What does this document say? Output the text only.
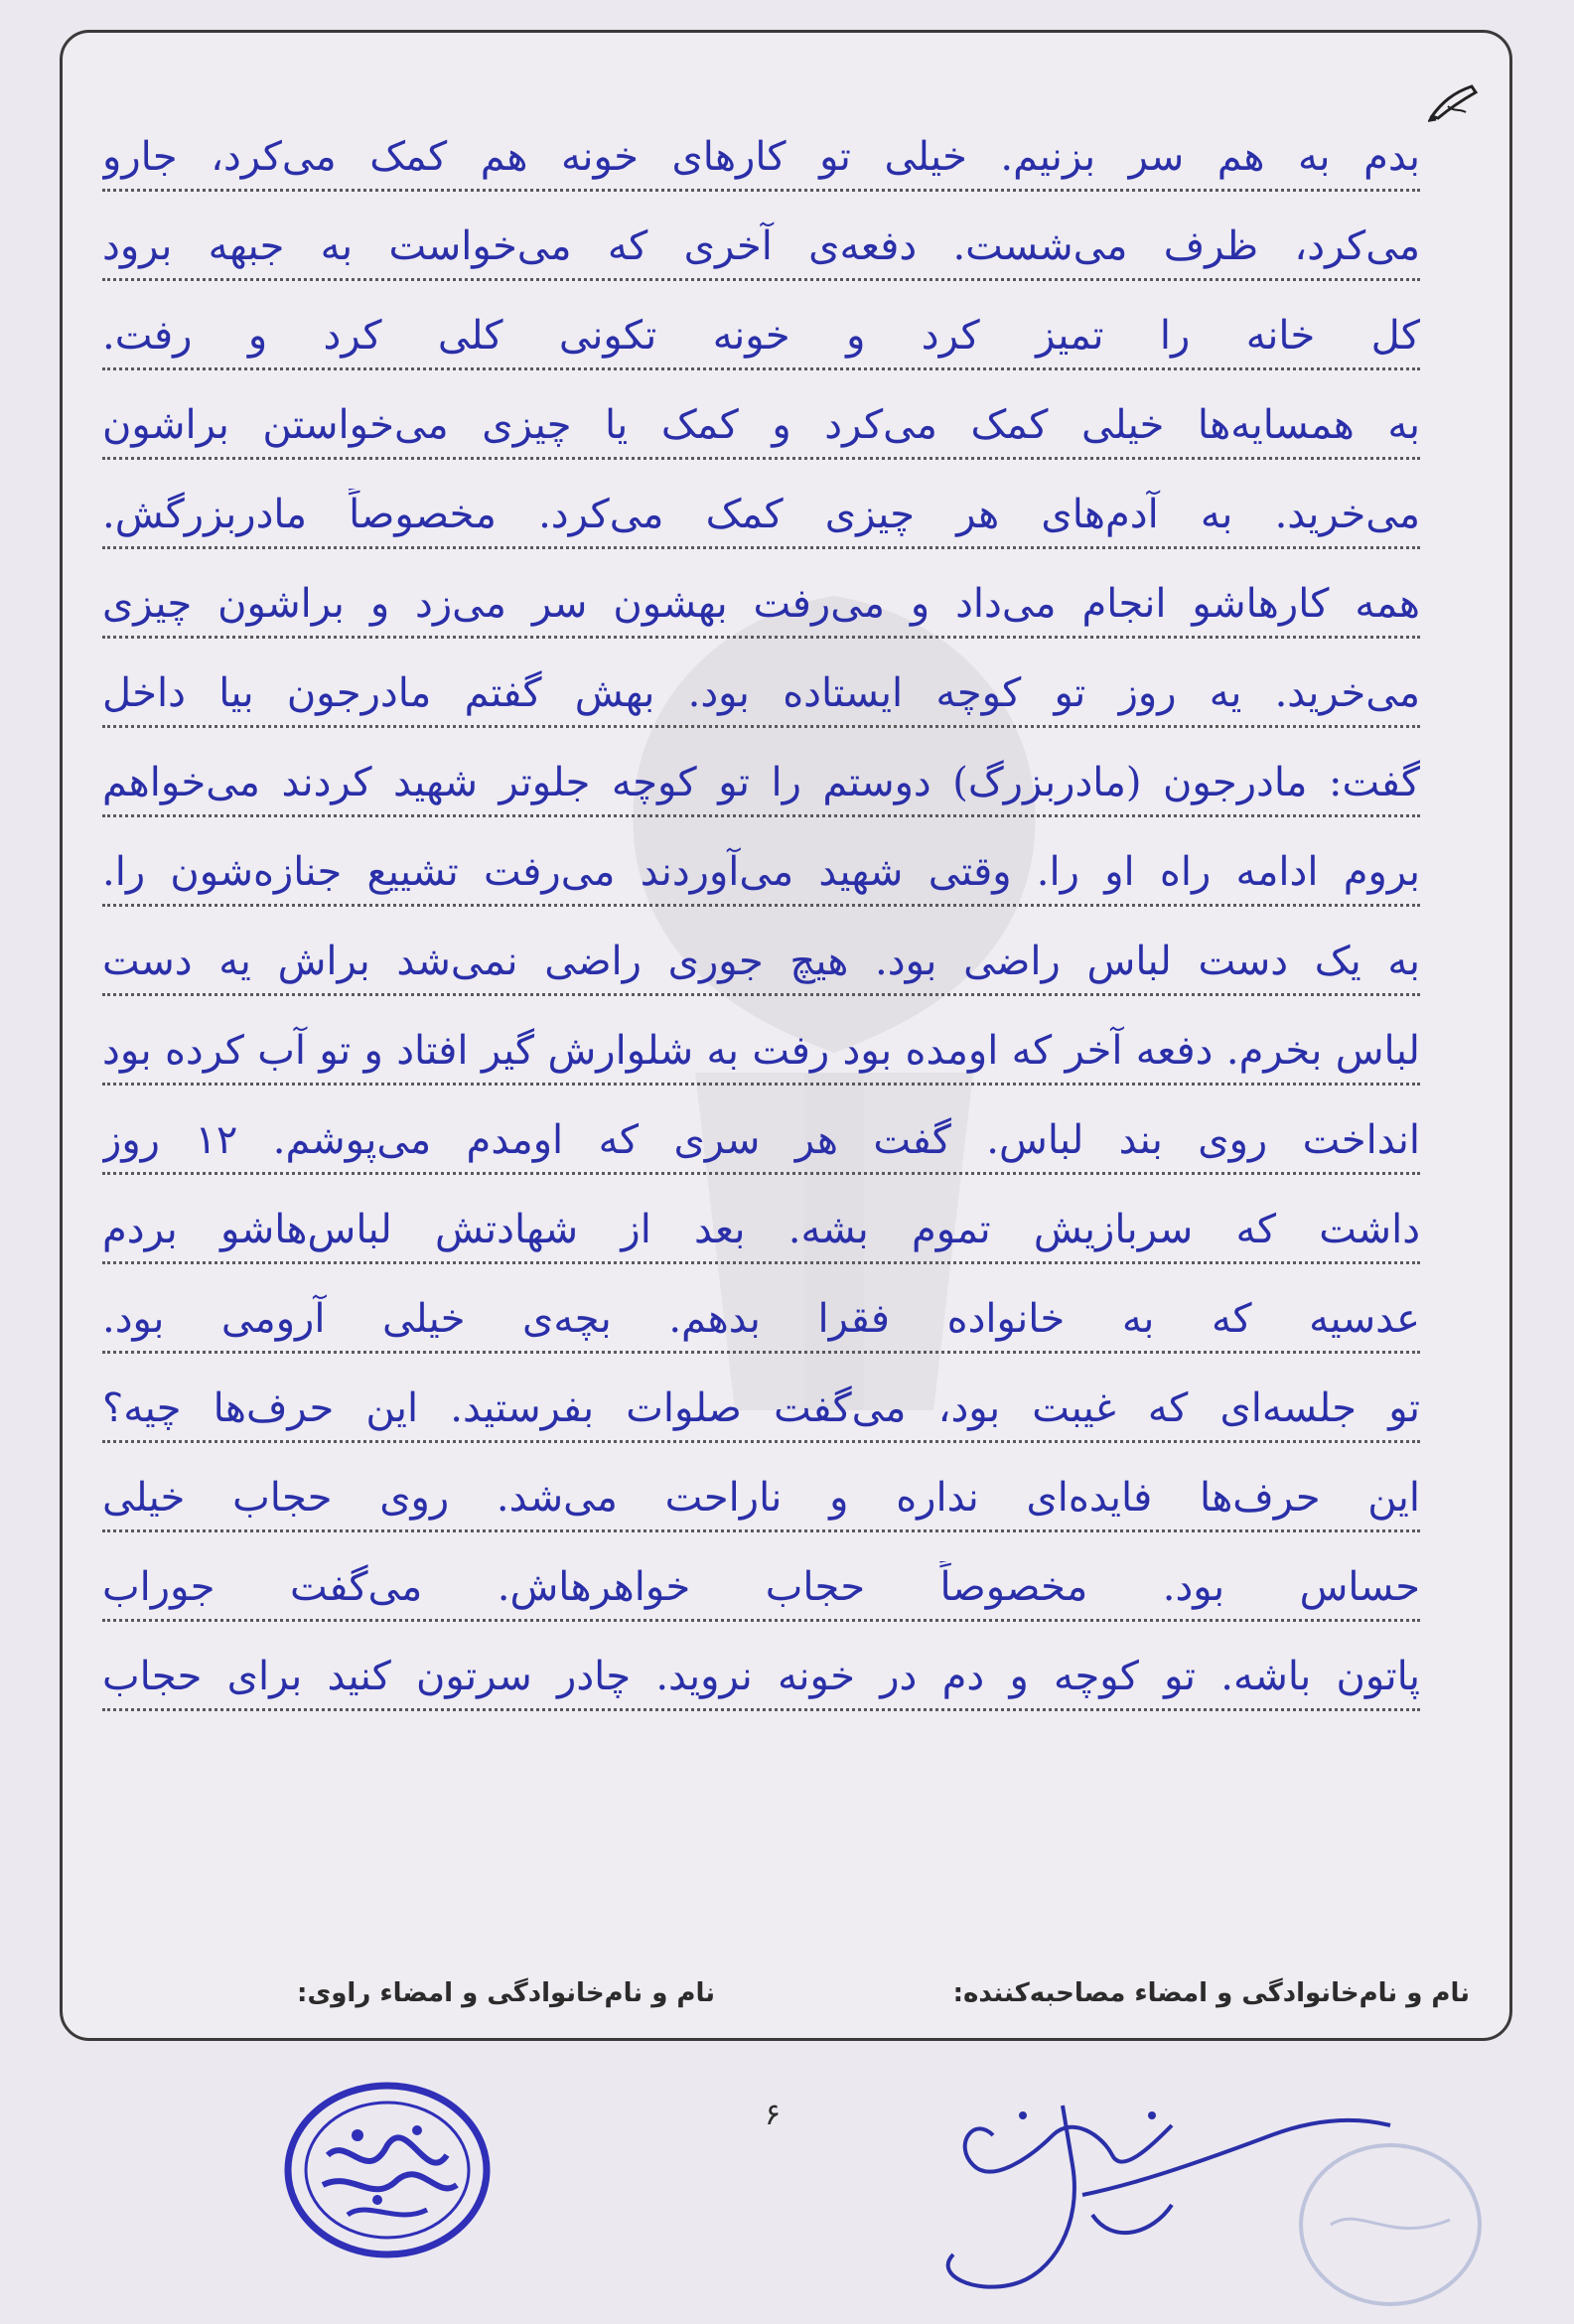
بدم به هم سر بزنیم. خیلی تو کارهای خونه هم کمک می‌کرد، جارو
می‌کرد، ظرف می‌شست. دفعه‌ی آخری که می‌خواست به جبهه برود
کل خانه را تمیز کرد و خونه تکونی کلی کرد و رفت.
به همسایه‌ها خیلی کمک می‌کرد و کمک یا چیزی می‌خواستن براشون
می‌خرید. به آدم‌های هر چیزی کمک می‌کرد. مخصوصاً مادربزرگش.
همه کارهاشو انجام می‌داد و می‌رفت بهشون سر می‌زد و براشون چیزی
می‌خرید. یه روز تو کوچه ایستاده بود. بهش گفتم مادرجون بیا داخل
گفت: مادرجون (مادربزرگ) دوستم را تو کوچه جلوتر شهید کردند می‌خواهم
بروم ادامه راه او را. وقتی شهید می‌آوردند می‌رفت تشییع جنازه‌شون را.
به یک دست لباس راضی بود. هیچ جوری راضی نمی‌شد براش یه دست
لباس بخرم. دفعه آخر که اومده بود رفت به شلوارش گیر افتاد و تو آب کرده بود
انداخت روی بند لباس. گفت هر سری که اومدم می‌پوشم. ۱۲ روز
داشت که سربازیش تموم بشه. بعد از شهادتش لباس‌هاشو بردم
عدسیه که به خانواده فقرا بدهم. بچه‌ی خیلی آرومی بود.
تو جلسه‌ای که غیبت بود، می‌گفت صلوات بفرستید. این حرف‌ها چیه؟
این حرف‌ها فایده‌ای نداره و ناراحت می‌شد. روی حجاب خیلی
حساس بود. مخصوصاً حجاب خواهرهاش. می‌گفت جوراب
پاتون باشه. تو کوچه و دم در خونه نروید. چادر سرتون کنید برای حجاب
نام و نام‌خانوادگی و امضاء مصاحبه‌کننده:
نام و نام‌خانوادگی و امضاء راوی:
۶
